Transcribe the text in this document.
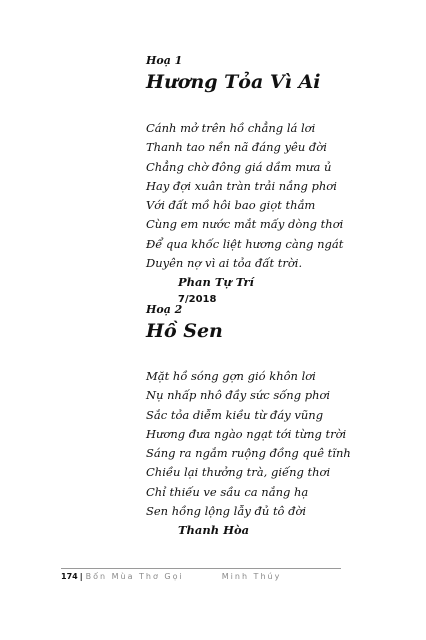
Hoạ 1
Hương Tỏa Vì Ai
Cánh mở trên hồ chẳng lá lơi
Thanh tao nền nã đáng yêu đời
Chẳng chờ đông giá dầm mưa ủ
Hay đợi xuân tràn trải nắng phơi
Với đất mồ hôi bao giọt thắm
Cùng em nước mắt mấy dòng thơi
Để qua khốc liệt hương càng ngát
Duyên nợ vì ai tỏa đất trời.
Phan Tự Trí
7/2018
Hoạ 2
Hồ Sen
Mặt hồ sóng gợn gió khôn lơi
Nụ nhấp nhô đầy sức sống phơi
Sắc tỏa diễm kiều từ đáy vũng
Hương đưa ngào ngạt tới từng trời
Sáng ra ngắm ruộng đồng quê tĩnh
Chiều lại thưởng trà, giếng thơi
Chỉ thiếu ve sầu ca nắng hạ
Sen hồng lộng lẫy đủ tô đời
Thanh Hòa
174 | Bốn Mùa Thơ Gọi	Minh Thúy
